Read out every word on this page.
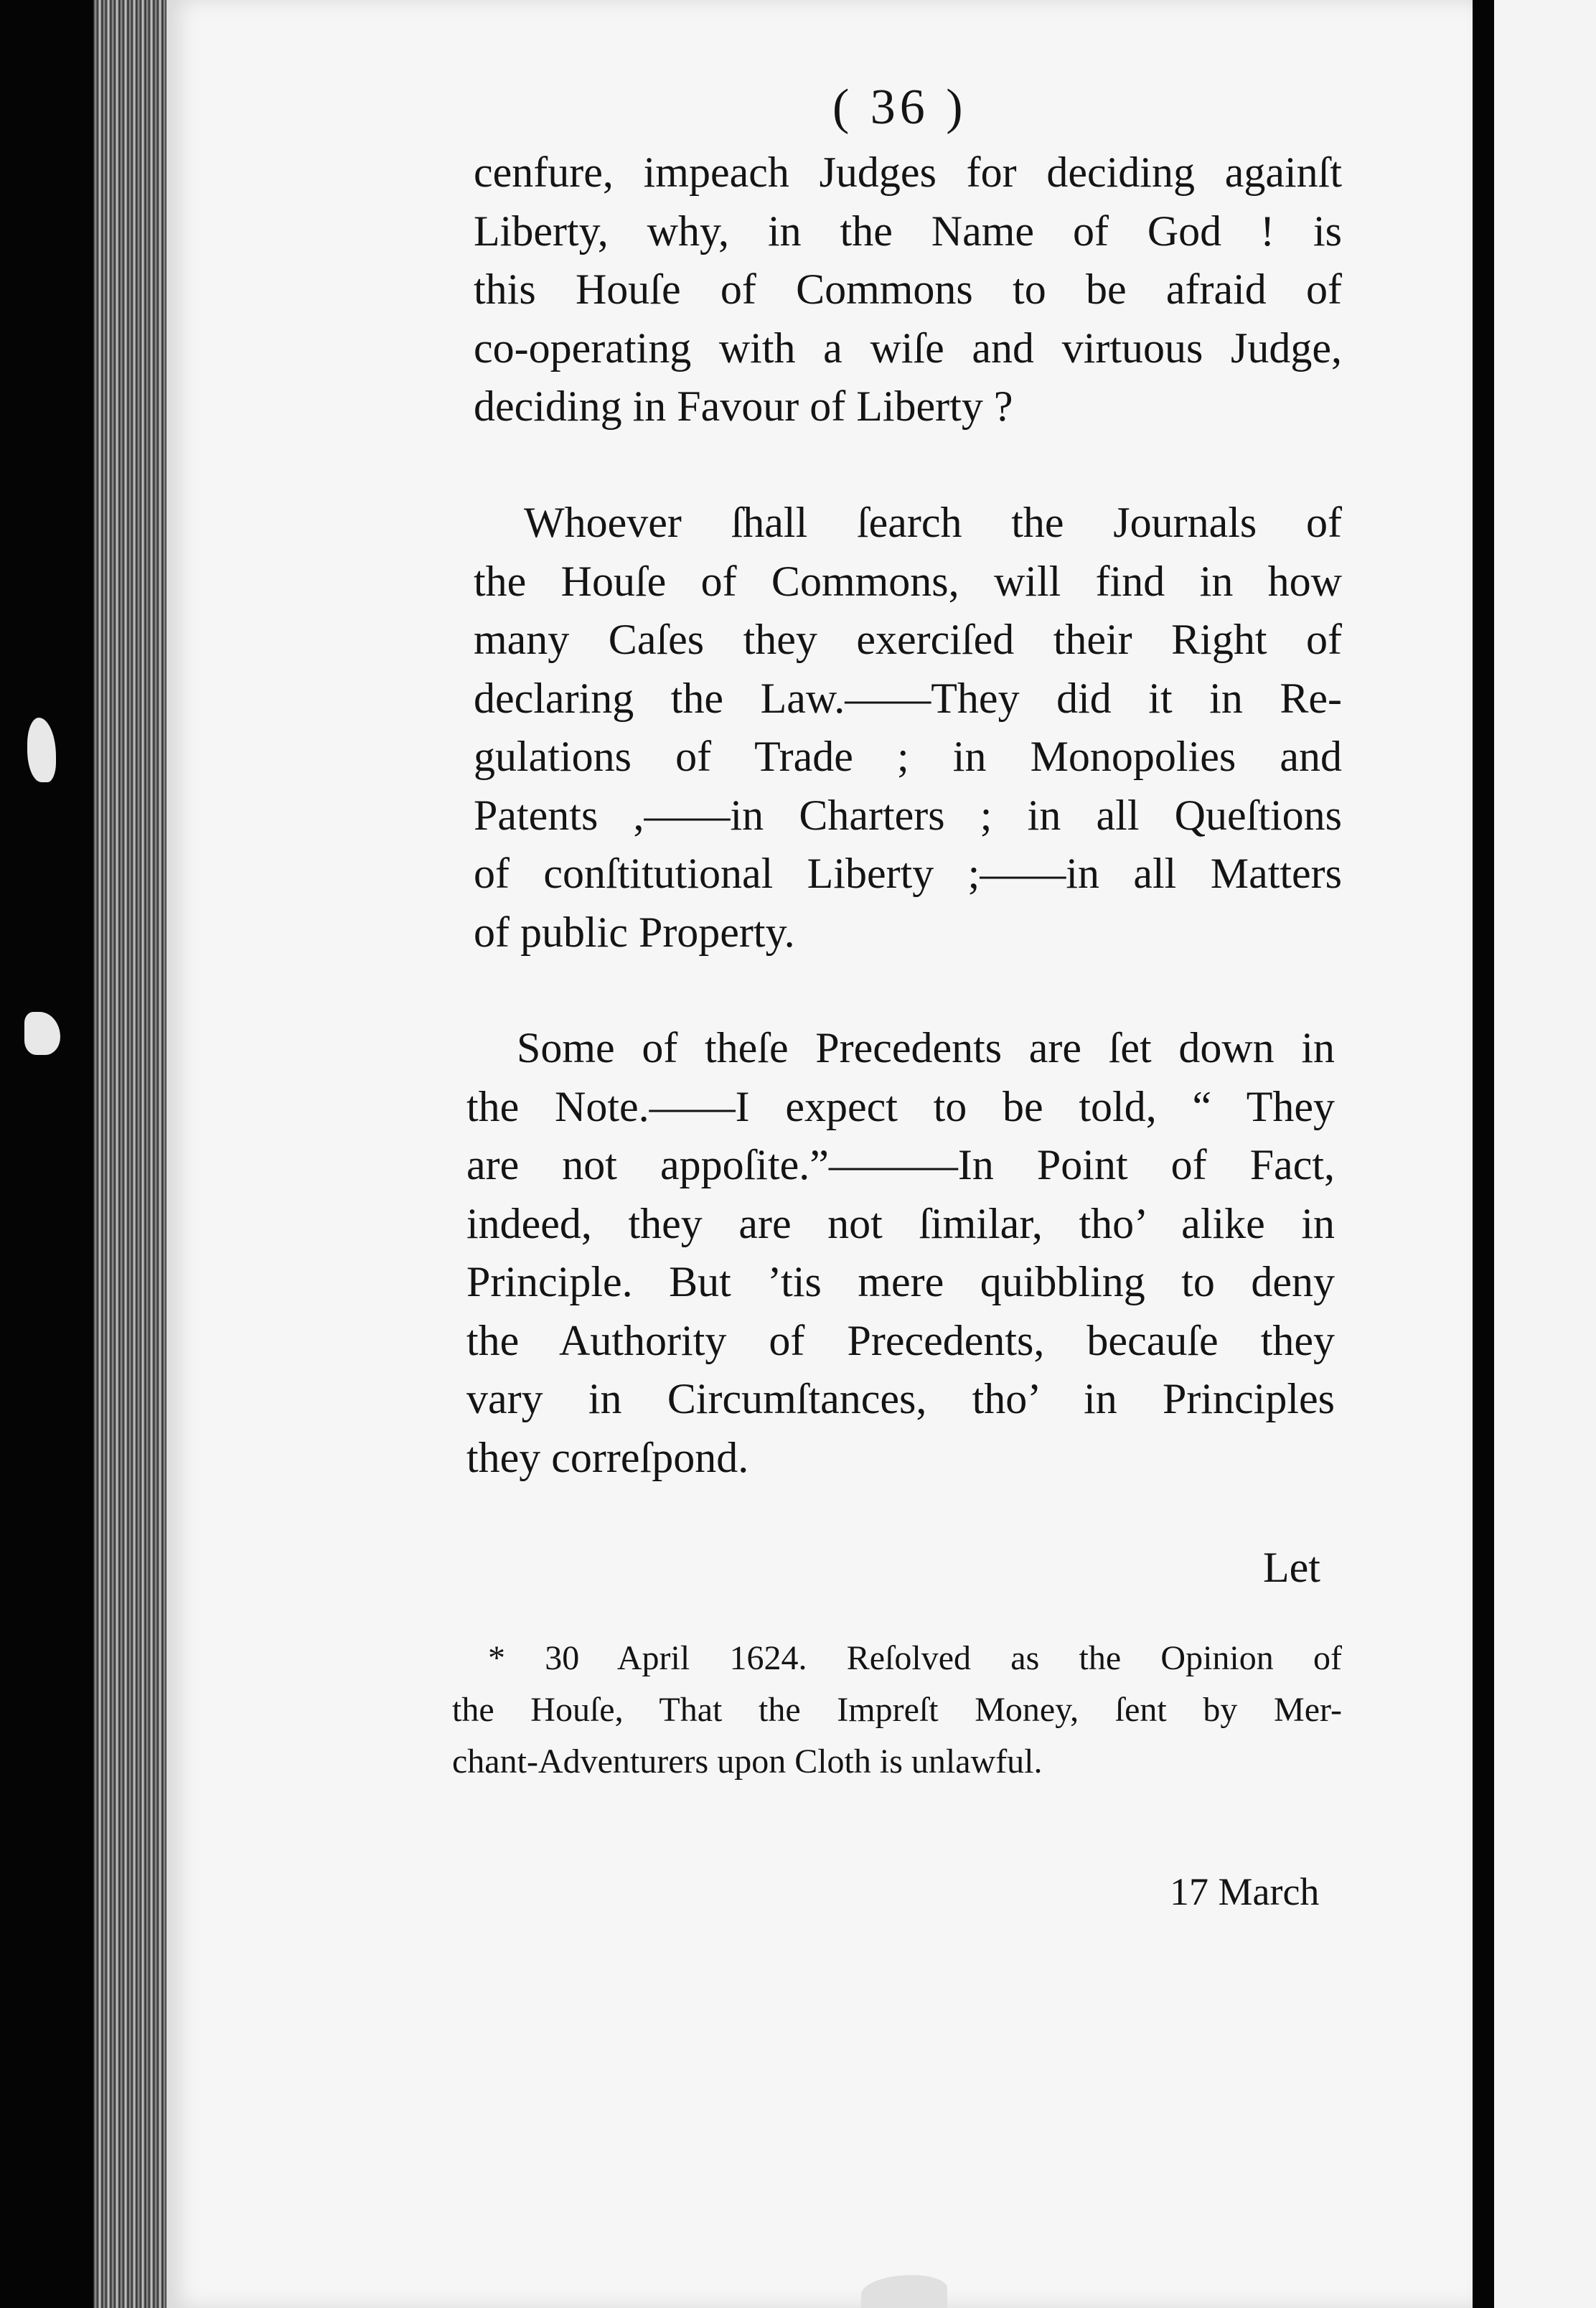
( 36 )
cenfure, impeach Judges for deciding againſt
Liberty, why, in the Name of God ! is
this Houſe of Commons to be afraid of
co-operating with a wiſe and virtuous Judge,
deciding in Favour of Liberty ?
Whoever ſhall ſearch the Journals of
the Houſe of Commons, will find in how
many Caſes they exerciſed their Right of
declaring the Law.——They did it in Re-
gulations of Trade ; in Monopolies and
Patents ,——in Charters ; in all Queſtions
of conſtitutional Liberty ;——in all Matters
of public Property.
Some of theſe Precedents are ſet down in
the Note.——I expect to be told, “ They
are not appoſite.”———In Point of Fact,
indeed, they are not ſimilar, tho’ alike in
Principle. But ’tis mere quibbling to deny
the Authority of Precedents, becauſe they
vary in Circumſtances, tho’ in Principles
they correſpond.
Let
* 30 April 1624. Reſolved as the Opinion of
the Houſe, That the Impreſt Money, ſent by Mer-
chant-Adventurers upon Cloth is unlawful.
17 March
